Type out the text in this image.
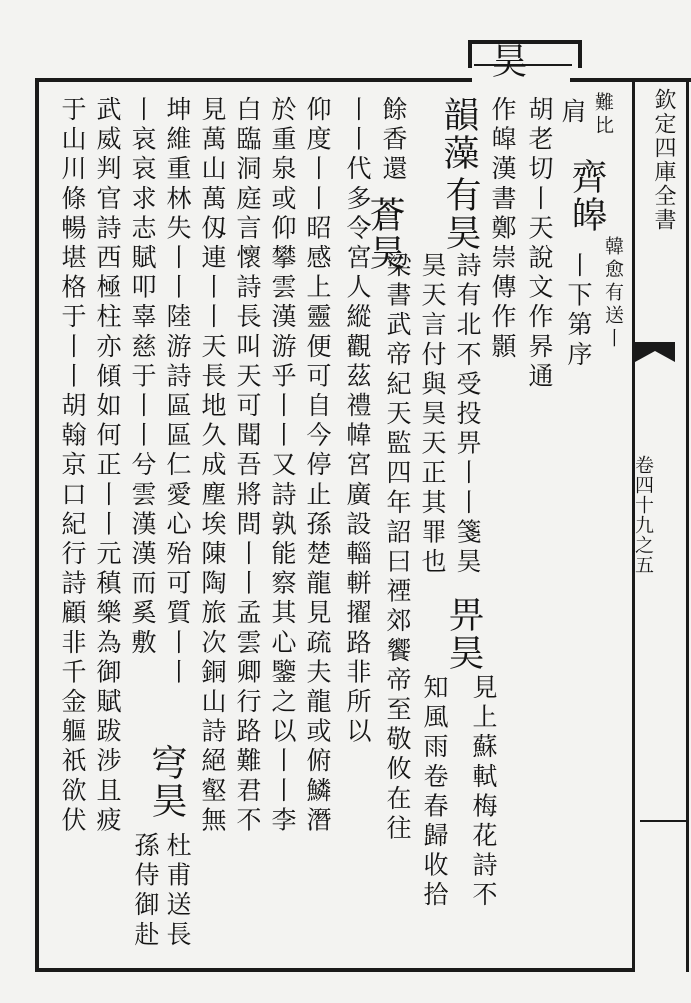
欽定四庫全書
卷四十九之五
肩 難比
齊皞
韓愈有送丨
丨下第序
昊
胡老切丨天說文作昦通
作皡漢書鄭崇傳作顥
韻藻
有昊
詩有北不受投畀丨丨箋昊
昊天言付與昊天正其罪也
畀昊
見上蘇軾梅花詩不
知風雨卷春歸收拾
餘香還
蒼昊
梁書武帝紀天監四年詔曰禋郊饗帝至敬攸在往
丨丨代多令宮人縱觀茲禮幃宮廣設輜軿擢路非所以
仰度丨丨昭感上靈便可自今停止孫楚龍見疏夫龍或俯鱗潛
於重泉或仰攀雲漢游乎丨丨又詩孰能察其心鑒之以丨丨李
白臨洞庭言懷詩長叫天可聞吾將問丨丨孟雲卿行路難君不
見萬山萬仭連丨丨天長地久成塵埃陳陶旅次銅山詩絕壑無
坤維重林失丨丨陸游詩區區仁愛心殆可質丨丨
穹昊
杜甫送長
丨哀哀求志賦叩辜慈于丨丨兮雲漢漢而奚敷
孫侍御赴
武威判官詩西極柱亦傾如何正丨丨元稹樂為御賦跋涉且疲
于山川條暢堪格于丨丨胡翰京口紀行詩顧非千金軀祇欲伏
